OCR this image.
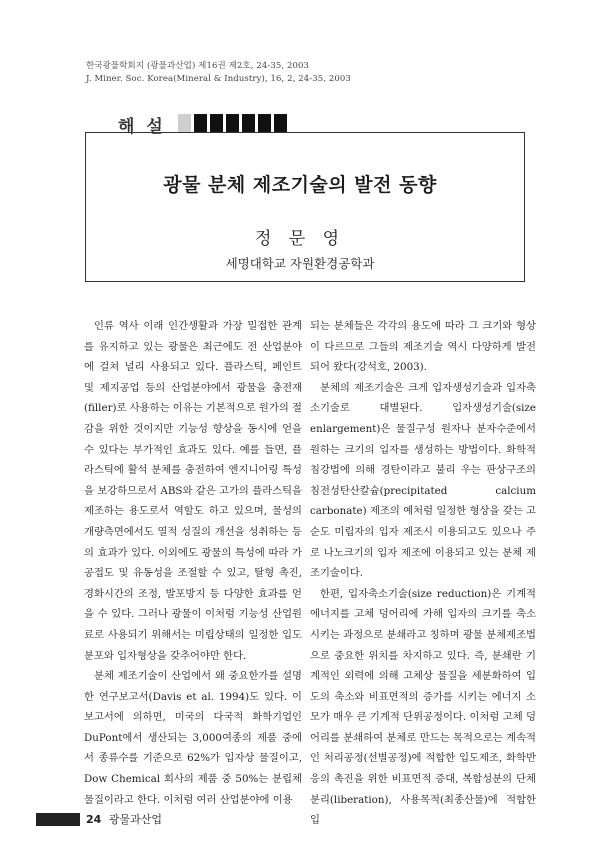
한국광물학회지 (광물과산업) 제16권 제2호, 24-35, 2003
J. Miner. Soc. Korea(Mineral & Industry), 16, 2, 24-35, 2003
해 설
광물 분체 제조기술의 발전 동향
정 문 영
세명대학교 자원환경공학과

인류 역사 이래 인간생활과 가장 밀접한 관계를 유지하고 있는 광물은 최근에도 전 산업분야에 걸쳐 널리 사용되고 있다. 플라스틱, 페인트 및 제지공업 등의 산업분야에서 광물을 충전재(filler)로 사용하는 이유는 기본적으로 원가의 절감을 위한 것이지만 기능성 향상을 동시에 얻을 수 있다는 부가적인 효과도 있다. 예를 들면, 플라스틱에 활석 분체를 충전하여 엔지니어링 특성을 보강하므로서 ABS와 같은 고가의 플라스틱을 제조하는 용도로서 역할도 하고 있으며, 물성의 개량측면에서도 열적 성질의 개선을 성취하는 등의 효과가 있다. 이외에도 광물의 특성에 따라 가공접도 및 유동성을 조절할 수 있고, 탈형 촉진, 경화시간의 조정, 발포방지 등 다양한 효과를 얻을 수 있다. 그러나 광물이 이처럼 기능성 산업원료로 사용되기 위해서는 미립상태의 일정한 입도분포와 입자형상을 갖추어야만 한다.

분체 제조기술이 산업에서 왜 중요한가를 설명한 연구보고서(Davis et al. 1994)도 있다. 이 보고서에 의하면, 미국의 다국적 화학기업인 DuPont에서 생산되는 3,000여종의 제품 중에서 종류수를 기준으로 62%가 입자상 물질이고, Dow Chemical 회사의 제품 중 50%는 분립체 물질이라고 한다. 이처럼 여러 산업분야에 이용

되는 분체들은 각각의 용도에 따라 그 크기와 형상이 다르므로 그들의 제조기술 역시 다양하게 발전되어 왔다(강석호, 2003).

분체의 제조기술은 크게 입자생성기술과 입자축소기술로 대별된다. 입자생성기술(size enlargement)은 물질구성 원자나 분자수준에서 원하는 크기의 입자를 생성하는 방법이다. 화학적 침강법에 의해 경탄이라고 불리 우는 판상구조의 침전성탄산칼슘(precipitated calcium carbonate) 제조의 예처럼 일정한 형상을 갖는 고순도 미립자의 입자 제조시 이용되고도 있으나 주로 나노크기의 입자 제조에 이용되고 있는 분체 제조기술이다.

한편, 입자축소기술(size reduction)은 기계적 에너지를 고체 덩어리에 가해 입자의 크기를 축소시키는 과정으로 분쇄라고 칭하며 광물 분체제조법으로 중요한 위치를 차지하고 있다. 즉, 분쇄란 기계적인 외력에 의해 고체상 물질을 세분화하여 입도의 축소와 비표면적의 증가를 시키는 에너지 소모가 매우 큰 기계적 단위공정이다. 이처럼 고체 덩어리를 분쇄하여 분체로 만드는 목적으로는 계속적인 처리공정(선별공정)에 적합한 입도제조, 화학반응의 촉진을 위한 비표면적 증대, 복합성분의 단체분리(liberation), 사용목적(최종산물)에 적합한 입

24 광물과산업
